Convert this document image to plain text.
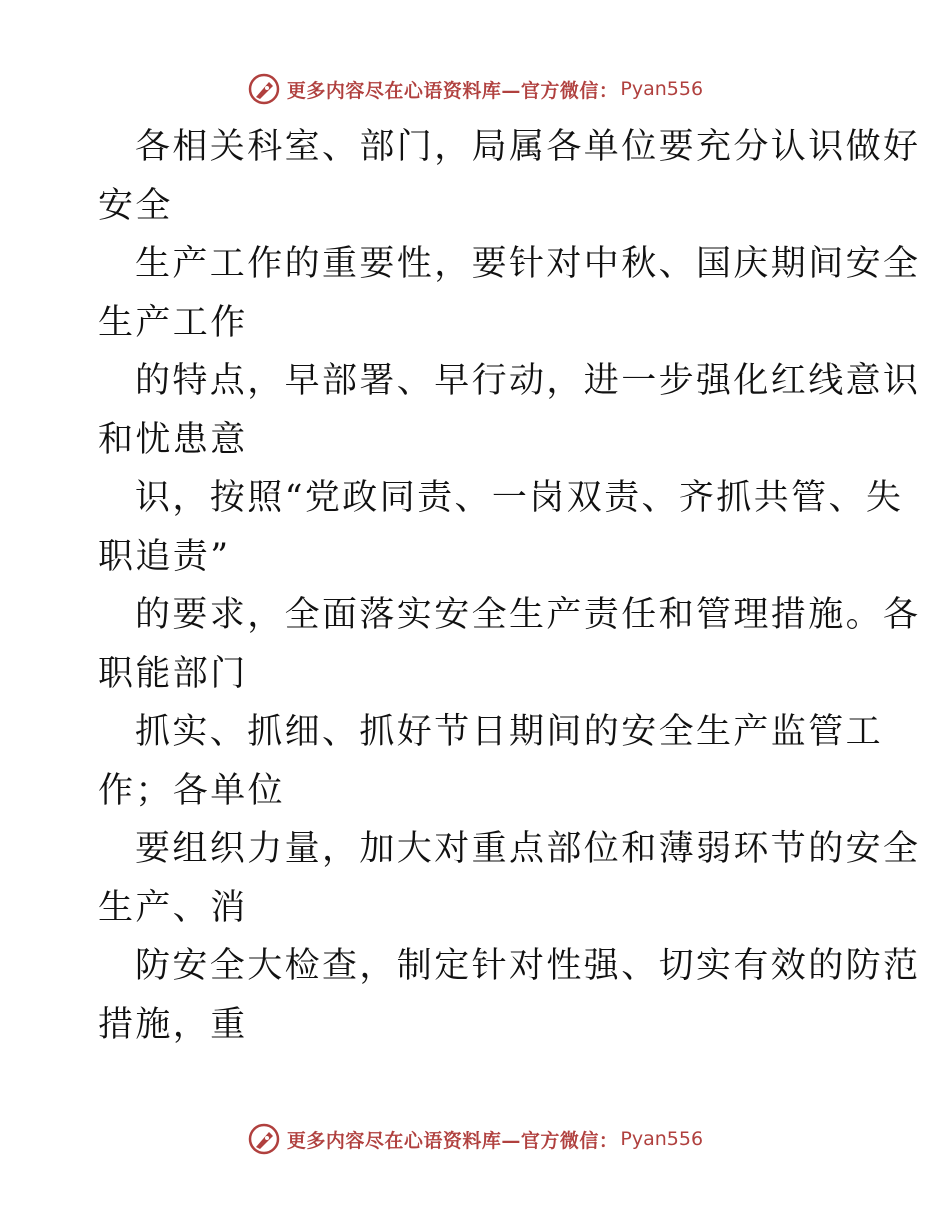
更多内容尽在心语资料库—官方微信： Pyan556
各相关科室、部门，局属各单位要充分认识做好
安全
生产工作的重要性，要针对中秋、国庆期间安全
生产工作
的特点，早部署、早行动，进一步强化红线意识
和忧患意
识，按照“党政同责、一岗双责、齐抓共管、失
职追责”
的要求，全面落实安全生产责任和管理措施。各
职能部门
抓实、抓细、抓好节日期间的安全生产监管工
作；各单位
要组织力量，加大对重点部位和薄弱环节的安全
生产、消
防安全大检查，制定针对性强、切实有效的防范
措施，重
更多内容尽在心语资料库—官方微信： Pyan556
